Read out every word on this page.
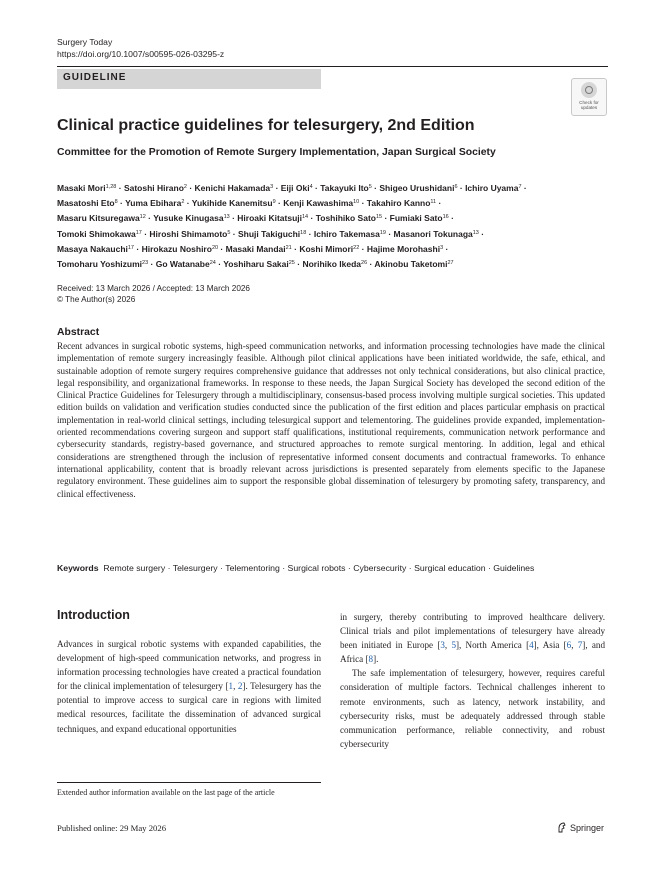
Surgery Today
https://doi.org/10.1007/s00595-026-03295-z
GUIDELINE
Check for updates
Clinical practice guidelines for telesurgery, 2nd Edition
Committee for the Promotion of Remote Surgery Implementation, Japan Surgical Society
Masaki Mori$^{1,28}$ · Satoshi Hirano$^2$ · Kenichi Hakamada$^3$ · Eiji Oki$^4$ · Takayuki Ito$^5$ · Shigeo Urushidani$^6$ · Ichiro Uyama$^7$ ·
Masatoshi Eto$^8$ · Yuma Ebihara$^2$ · Yukihide Kanemitsu$^9$ · Kenji Kawashima$^{10}$ · Takahiro Kanno$^{11}$ ·
Masaru Kitsuregawa$^{12}$ · Yusuke Kinugasa$^{13}$ · Hiroaki Kitatsuji$^{14}$ · Toshihiko Sato$^{15}$ · Fumiaki Sato$^{16}$ ·
Tomoki Shimokawa$^{17}$ · Hiroshi Shimamoto$^5$ · Shuji Takiguchi$^{18}$ · Ichiro Takemasa$^{19}$ · Masanori Tokunaga$^{13}$ ·
Masaya Nakauchi$^{17}$ · Hirokazu Noshiro$^{20}$ · Masaki Mandai$^{21}$ · Koshi Mimori$^{22}$ · Hajime Morohashi$^3$ ·
Tomoharu Yoshizumi$^{23}$ · Go Watanabe$^{24}$ · Yoshiharu Sakai$^{25}$ · Norihiko Ikeda$^{26}$ · Akinobu Taketomi$^{27}$
Received: 13 March 2026 / Accepted: 13 March 2026
© The Author(s) 2026
Abstract
Recent advances in surgical robotic systems, high-speed communication networks, and information processing technologies have made the clinical implementation of remote surgery increasingly feasible. Although pilot clinical applications have been initiated worldwide, the safe, ethical, and sustainable adoption of remote surgery requires comprehensive guidance that addresses not only technical considerations, but also clinical practice, legal responsibility, and organizational frameworks. In response to these needs, the Japan Surgical Society has developed the second edition of the Clinical Practice Guidelines for Telesurgery through a multidisciplinary, consensus-based process involving multiple surgical societies. This updated edition builds on validation and verification studies conducted since the publication of the first edition and places particular emphasis on practical implementation in real-world clinical settings, including telesurgical support and telementoring. The guidelines provide expanded, implementation-oriented recommendations covering surgeon and support staff qualifications, institutional requirements, communication network performance and cybersecurity standards, registry-based governance, and structured approaches to remote surgical mentoring. In addition, legal and ethical considerations are strengthened through the inclusion of representative informed consent documents and contractual frameworks. To enhance international applicability, content that is broadly relevant across jurisdictions is presented separately from elements specific to the Japanese regulatory environment. These guidelines aim to support the responsible global dissemination of telesurgery by promoting safety, transparency, and clinical effectiveness.
Keywords Remote surgery · Telesurgery · Telementoring · Surgical robots · Cybersecurity · Surgical education · Guidelines
Introduction

Advances in surgical robotic systems with expanded capabilities, the development of high-speed communication networks, and progress in information processing technologies have created a practical foundation for the clinical implementation of telesurgery [1, 2]. Telesurgery has the potential to improve access to surgical care in regions with limited medical resources, facilitate the dissemination of advanced surgical techniques, and expand educational opportunities

in surgery, thereby contributing to improved healthcare delivery. Clinical trials and pilot implementations of telesurgery have already been initiated in Europe [3, 5], North America [4], Asia [6, 7], and Africa [8].

The safe implementation of telesurgery, however, requires careful consideration of multiple factors. Technical challenges inherent to remote environments, such as latency, network instability, and cybersecurity risks, must be adequately addressed through stable communication performance, reliable connectivity, and robust cybersecurity

Extended author information available on the last page of the article
Published online: 29 May 2026	Springer
